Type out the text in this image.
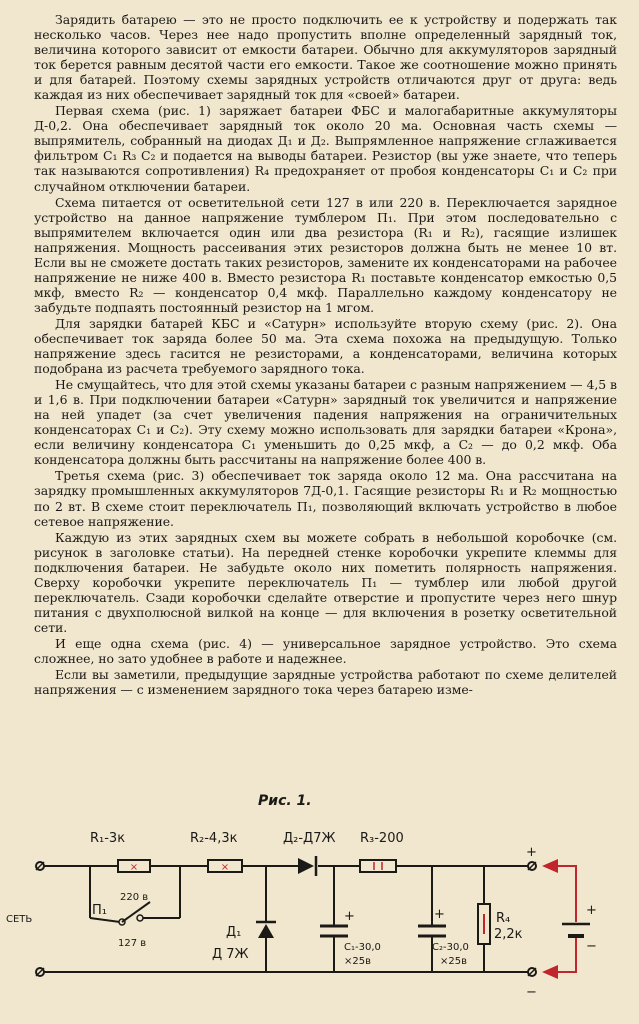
Зарядить батарею — это не просто подключить ее к устройству и подержать так несколько часов. Через нее надо пропустить вполне определенный зарядный ток, величина которого зависит от емкости батареи. Обычно для аккумуляторов зарядный ток берется равным десятой части его емкости. Такое же соотношение можно принять и для батарей. Поэтому схемы зарядных устройств отличаются друг от друга: ведь каждая из них обеспечивает зарядный ток для «своей» батареи.

Первая схема (рис. 1) заряжает батареи ФБС и малогабаритные аккумуляторы Д-0,2. Она обеспечивает зарядный ток около 20 ма. Основная часть схемы — выпрямитель, собранный на диодах Д₁ и Д₂. Выпрямленное напряжение сглаживается фильтром C₁ R₃ C₂ и подается на выводы батареи. Резистор (вы уже знаете, что теперь так называются сопротивления) R₄ предохраняет от пробоя конденсаторы C₁ и C₂ при случайном отключении батареи.

Схема питается от осветительной сети 127 в или 220 в. Переключается зарядное устройство на данное напряжение тумблером П₁. При этом последовательно с выпрямителем включается один или два резистора (R₁ и R₂), гасящие излишек напряжения. Мощность рассеивания этих резисторов должна быть не менее 10 вт. Если вы не сможете достать таких резисторов, замените их конденсаторами на рабочее напряжение не ниже 400 в. Вместо резистора R₁ поставьте конденсатор емкостью 0,5 мкф, вместо R₂ — конденсатор 0,4 мкф. Параллельно каждому конденсатору не забудьте подпаять постоянный резистор на 1 мгом.

Для зарядки батарей КБС и «Сатурн» используйте вторую схему (рис. 2). Она обеспечивает ток заряда более 50 ма. Эта схема похожа на предыдущую. Только напряжение здесь гасится не резисторами, а конденсаторами, величина которых подобрана из расчета требуемого зарядного тока.

Не смущайтесь, что для этой схемы указаны батареи с разным напряжением — 4,5 в и 1,6 в. При подключении батареи «Сатурн» зарядный ток увеличится и напряжение на ней упадет (за счет увеличения падения напряжения на ограничительных конденсаторах C₁ и C₂). Эту схему можно использовать для зарядки батареи «Крона», если величину конденсатора C₁ уменьшить до 0,25 мкф, а C₂ — до 0,2 мкф. Оба конденсатора должны быть рассчитаны на напряжение более 400 в.

Третья схема (рис. 3) обеспечивает ток заряда около 12 ма. Она рассчитана на зарядку промышленных аккумуляторов 7Д-0,1. Гасящие резисторы R₁ и R₂ мощностью по 2 вт. В схеме стоит переключатель П₁, позволяющий включать устройство в любое сетевое напряжение.

Каждую из этих зарядных схем вы можете собрать в небольшой коробочке (см. рисунок в заголовке статьи). На передней стенке коробочки укрепите клеммы для подключения батареи. Не забудьте около них пометить полярность напряжения. Сверху коробочки укрепите переключатель П₁ — тумблер или любой другой переключатель. Сзади коробочки сделайте отверстие и пропустите через него шнур питания с двухполюсной вилкой на конце — для включения в розетку осветительной сети.

И еще одна схема (рис. 4) — универсальное зарядное устройство. Это схема сложнее, но зато удобнее в работе и надежнее.

Если вы заметили, предыдущие зарядные устройства работают по схеме делителей напряжения — с изменением зарядного тока через батарею изме-

Рис. 1.
СЕТЬ
×
R₁-3к
×
R₂-4,3к	Д₂-Д7Ж R₃-200
П₁
220 в
127 в
Д₁
Д 7Ж
+
С₁-30,0
×25в
+
С₂-30,0
×25в
R₄
2,2к
+
−
+
−
